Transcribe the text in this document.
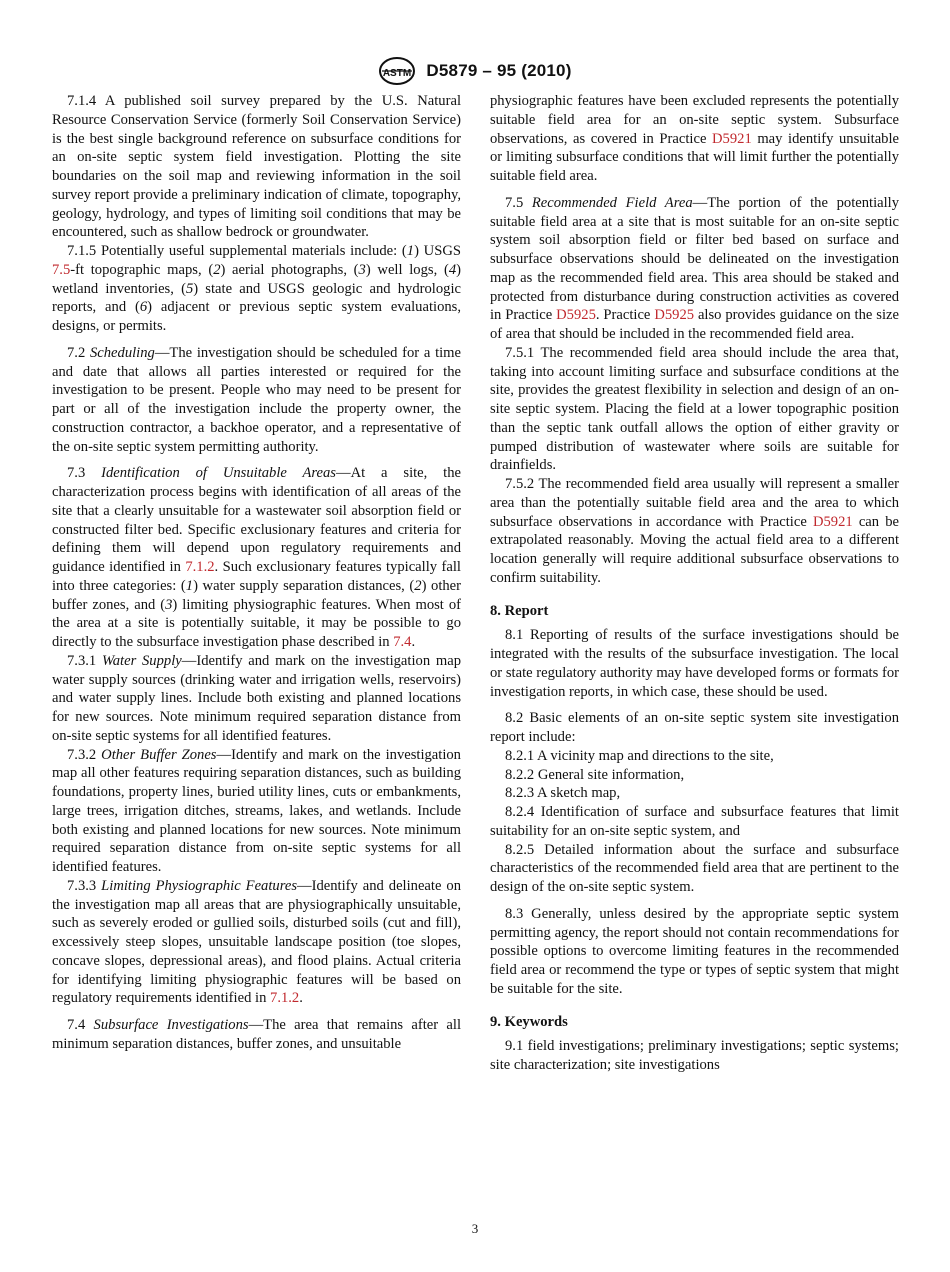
ASTM D5879 – 95 (2010)

7.1.4 A published soil survey prepared by the U.S. Natural Resource Conservation Service (formerly Soil Conservation Service) is the best single background reference on subsurface conditions for an on-site septic system field investigation. Plotting the site boundaries on the soil map and reviewing information in the soil survey report provide a preliminary indication of climate, topography, geology, hydrology, and types of limiting soil conditions that may be encountered, such as shallow bedrock or groundwater.

7.1.5 Potentially useful supplemental materials include: (1) USGS 7.5-ft topographic maps, (2) aerial photographs, (3) well logs, (4) wetland inventories, (5) state and USGS geologic and hydrologic reports, and (6) adjacent or previous septic system evaluations, designs, or permits.

7.2 Scheduling—The investigation should be scheduled for a time and date that allows all parties interested or required for the investigation to be present. People who may need to be present for part or all of the investigation include the property owner, the construction contractor, a backhoe operator, and a representative of the on-site septic system permitting authority.

7.3 Identification of Unsuitable Areas—At a site, the characterization process begins with identification of all areas of the site that a clearly unsuitable for a wastewater soil absorption field or constructed filter bed. Specific exclusionary features and criteria for defining them will depend upon regulatory requirements and guidance identified in 7.1.2. Such exclusionary features typically fall into three categories: (1) water supply separation distances, (2) other buffer zones, and (3) limiting physiographic features. When most of the area at a site is potentially suitable, it may be possible to go directly to the subsurface investigation phase described in 7.4.

7.3.1 Water Supply—Identify and mark on the investigation map water supply sources (drinking water and irrigation wells, reservoirs) and water supply lines. Include both existing and planned locations for new sources. Note minimum required separation distance from on-site septic systems for all identified features.

7.3.2 Other Buffer Zones—Identify and mark on the investigation map all other features requiring separation distances, such as building foundations, property lines, buried utility lines, cuts or embankments, large trees, irrigation ditches, streams, lakes, and wetlands. Include both existing and planned locations for new sources. Note minimum required separation distance from on-site septic systems for all identified features.

7.3.3 Limiting Physiographic Features—Identify and delineate on the investigation map all areas that are physiographically unsuitable, such as severely eroded or gullied soils, disturbed soils (cut and fill), excessively steep slopes, unsuitable landscape position (toe slopes, concave slopes, depressional areas), and flood plains. Actual criteria for identifying limiting physiographic features will be based on regulatory requirements identified in 7.1.2.

7.4 Subsurface Investigations—The area that remains after all minimum separation distances, buffer zones, and unsuitable

physiographic features have been excluded represents the potentially suitable field area for an on-site septic system. Subsurface observations, as covered in Practice D5921 may identify unsuitable or limiting subsurface conditions that will limit further the potentially suitable field area.

7.5 Recommended Field Area—The portion of the potentially suitable field area at a site that is most suitable for an on-site septic system soil absorption field or filter bed based on surface and subsurface observations should be delineated on the investigation map as the recommended field area. This area should be staked and protected from disturbance during construction activities as covered in Practice D5925. Practice D5925 also provides guidance on the size of area that should be included in the recommended field area.

7.5.1 The recommended field area should include the area that, taking into account limiting surface and subsurface conditions at the site, provides the greatest flexibility in selection and design of an on-site septic system. Placing the field at a lower topographic position than the septic tank outfall allows the option of either gravity or pumped distribution of wastewater where soils are suitable for drainfields.

7.5.2 The recommended field area usually will represent a smaller area than the potentially suitable field area and the area to which subsurface observations in accordance with Practice D5921 can be extrapolated reasonably. Moving the actual field area to a different location generally will require additional subsurface observations to confirm suitability.

8. Report

8.1 Reporting of results of the surface investigations should be integrated with the results of the subsurface investigation. The local or state regulatory authority may have developed forms or formats for investigation reports, in which case, these should be used.

8.2 Basic elements of an on-site septic system site investigation report include:

8.2.1 A vicinity map and directions to the site,

8.2.2 General site information,

8.2.3 A sketch map,

8.2.4 Identification of surface and subsurface features that limit suitability for an on-site septic system, and

8.2.5 Detailed information about the surface and subsurface characteristics of the recommended field area that are pertinent to the design of the on-site septic system.

8.3 Generally, unless desired by the appropriate septic system permitting agency, the report should not contain recommendations for possible options to overcome limiting features in the recommended field area or recommend the type or types of septic system that might be suitable for the site.

9. Keywords

9.1 field investigations; preliminary investigations; septic systems; site characterization; site investigations

3
